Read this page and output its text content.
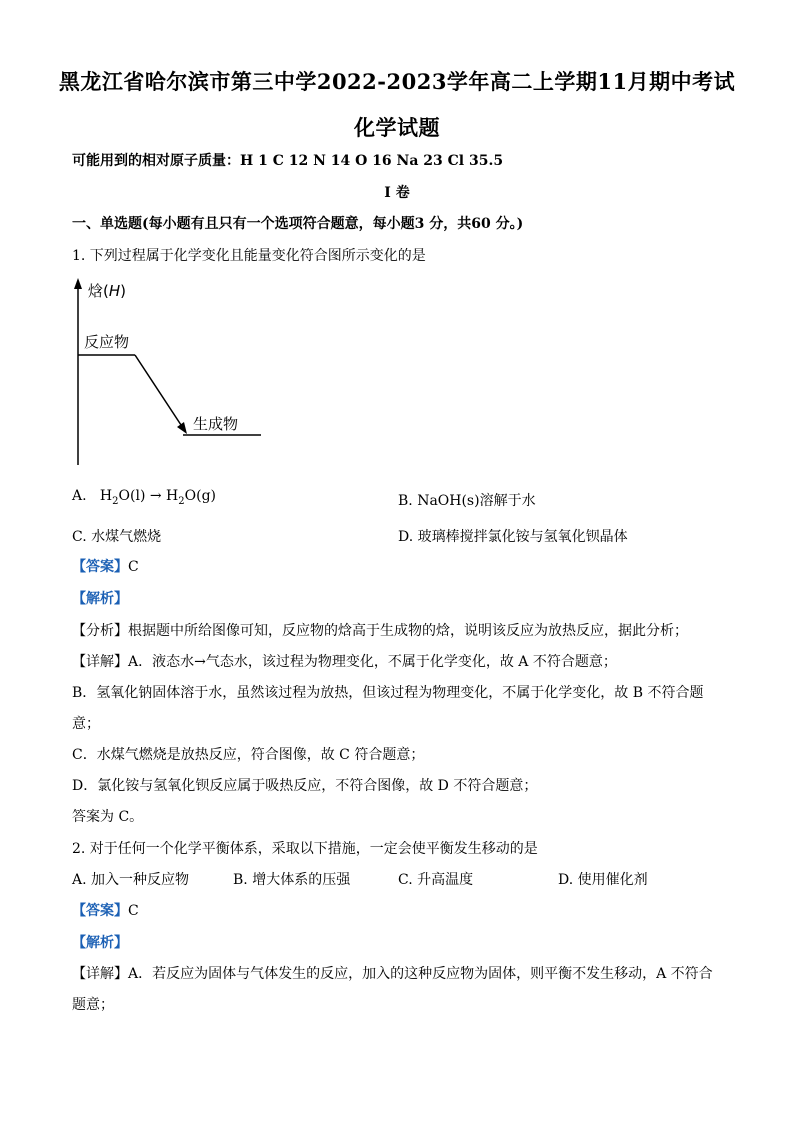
黑龙江省哈尔滨市第三中学2022-2023学年高二上学期11月期中考试
化学试题
可能用到的相对原子质量：H 1 C 12 N 14 O 16 Na 23 Cl 35.5
I 卷
一、单选题(每小题有且只有一个选项符合题意，每小题3 分，共60 分。)
1. 下列过程属于化学变化且能量变化符合图所示变化的是
焓(H)
反应物
生成物
A. $H_2O(l) \to H_2O(g)$	B. NaOH(s)溶解于水
C. 水煤气燃烧	D. 玻璃棒搅拌氯化铵与氢氧化钡晶体
【答案】C
【解析】
【分析】根据题中所给图像可知，反应物的焓高于生成物的焓，说明该反应为放热反应，据此分析；
【详解】A．液态水→气态水，该过程为物理变化，不属于化学变化，故 A 不符合题意；
B．氢氧化钠固体溶于水，虽然该过程为放热，但该过程为物理变化，不属于化学变化，故 B 不符合题
意；
C．水煤气燃烧是放热反应，符合图像，故 C 符合题意；
D．氯化铵与氢氧化钡反应属于吸热反应，不符合图像，故 D 不符合题意；
答案为 C。
2. 对于任何一个化学平衡体系，采取以下措施，一定会使平衡发生移动的是
A. 加入一种反应物	B. 增大体系的压强	C. 升高温度	D. 使用催化剂
【答案】C
【解析】
【详解】A．若反应为固体与气体发生的反应，加入的这种反应物为固体，则平衡不发生移动，A 不符合
题意；
